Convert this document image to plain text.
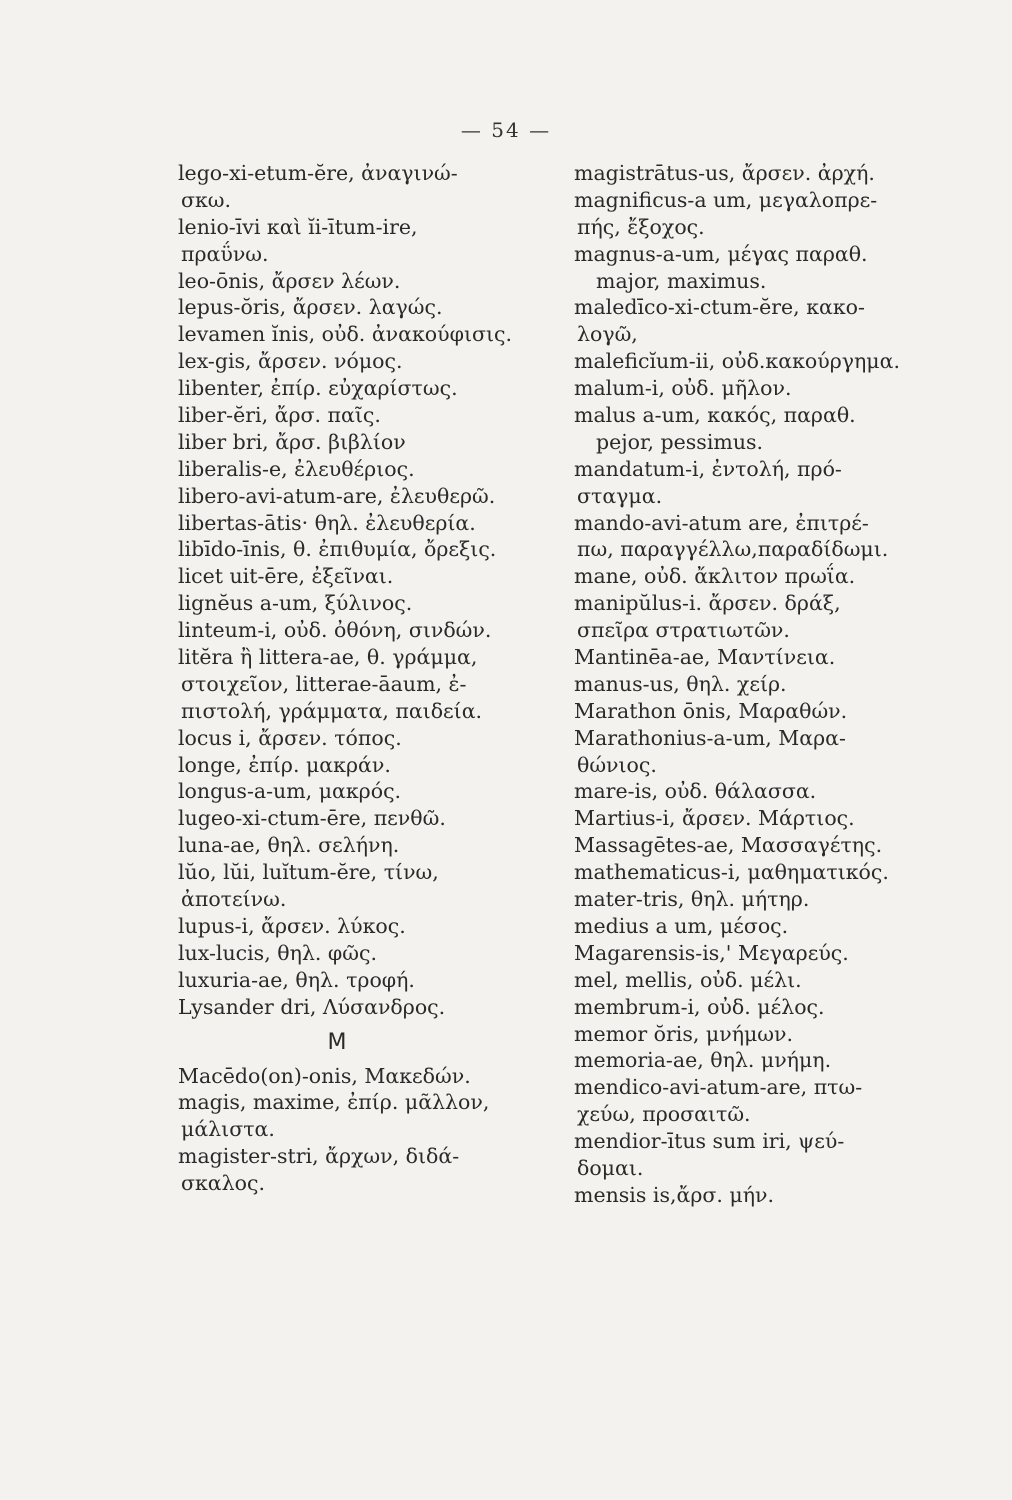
— 54 —
lego-xi-etum-ĕre, ἀναγινώ-
σκω.
lenio-īvi καὶ ĭi-ītum-ire,
πραΰνω.
leo-ōnis, ἄρσεν λέων.
lepus-ŏris, ἄρσεν. λαγώς.
levamen ĭnis, οὐδ. ἀνακούφισις.
lex-gis, ἄρσεν. νόμος.
libenter, ἐπίρ. εὐχαρίστως.
liber-ĕri, ἄρσ. παῖς.
liber bri, ἄρσ. βιβλίον
liberalis-e, ἐλευθέριος.
libero-avi-atum-are, ἐλευθερῶ.
libertas-ātis· θηλ. ἐλευθερία.
libīdo-īnis, θ. ἐπιθυμία, ὄρεξις.
licet uit-ēre, ἐξεῖναι.
lignĕus a-um, ξύλινος.
linteum-i, οὐδ. ὀθόνη, σινδών.
litĕra ἢ littera-ae, θ. γράμμα,
στοιχεῖον, litterae-āaum, ἐ-
πιστολή, γράμματα, παιδεία.
locus i, ἄρσεν. τόπος.
longe, ἐπίρ. μακράν.
longus-a-um, μακρός.
lugeo-xi-ctum-ēre, πενθῶ.
luna-ae, θηλ. σελήνη.
lŭo, lŭi, luĭtum-ĕre, τίνω,
ἀποτείνω.
lupus-i, ἄρσεν. λύκος.
lux-lucis, θηλ. φῶς.
luxuria-ae, θηλ. τροφή.
Lysander dri, Λύσανδρος.
M
Macēdo(on)-onis, Μακεδών.
magis, maxime, ἐπίρ. μᾶλλον,
μάλιστα.
magister-stri, ἄρχων, διδά-
σκαλος.
magistrātus-us, ἄρσεν. ἀρχή.
magnificus-a um, μεγαλοπρε-
πής, ἔξοχος.
magnus-a-um, μέγας παραθ.
major, maximus.
maledīco-xi-ctum-ĕre, κακο-
λογῶ,
maleficĭum-ii, οὐδ.κακούργημα.
malum-i, οὐδ. μῆλον.
malus a-um, κακός, παραθ.
pejor, pessimus.
mandatum-i, ἐντολή, πρό-
σταγμα.
mando-avi-atum are, ἐπιτρέ-
πω, παραγγέλλω,παραδίδωμι.
mane, οὐδ. ἄκλιτον πρωΐα.
manipŭlus-i. ἄρσεν. δράξ,
σπεῖρα στρατιωτῶν.
Mantinēa-ae, Μαντίνεια.
manus-us, θηλ. χείρ.
Marathon ōnis, Μαραθών.
Marathonius-a-um, Μαρα-
θώνιος.
mare-is, οὐδ. θάλασσα.
Martius-i, ἄρσεν. Μάρτιος.
Massagētes-ae, Μασσαγέτης.
mathematicus-i, μαθηματικός.
mater-tris, θηλ. μήτηρ.
medius a um, μέσος.
Magarensis-is,' Μεγαρεύς.
mel, mellis, οὐδ. μέλι.
membrum-i, οὐδ. μέλος.
memor ŏris, μνήμων.
memoria-ae, θηλ. μνήμη.
mendico-avi-atum-are, πτω-
χεύω, προσαιτῶ.
mendior-ītus sum iri, ψεύ-
δομαι.
mensis is,ἄρσ. μήν.
